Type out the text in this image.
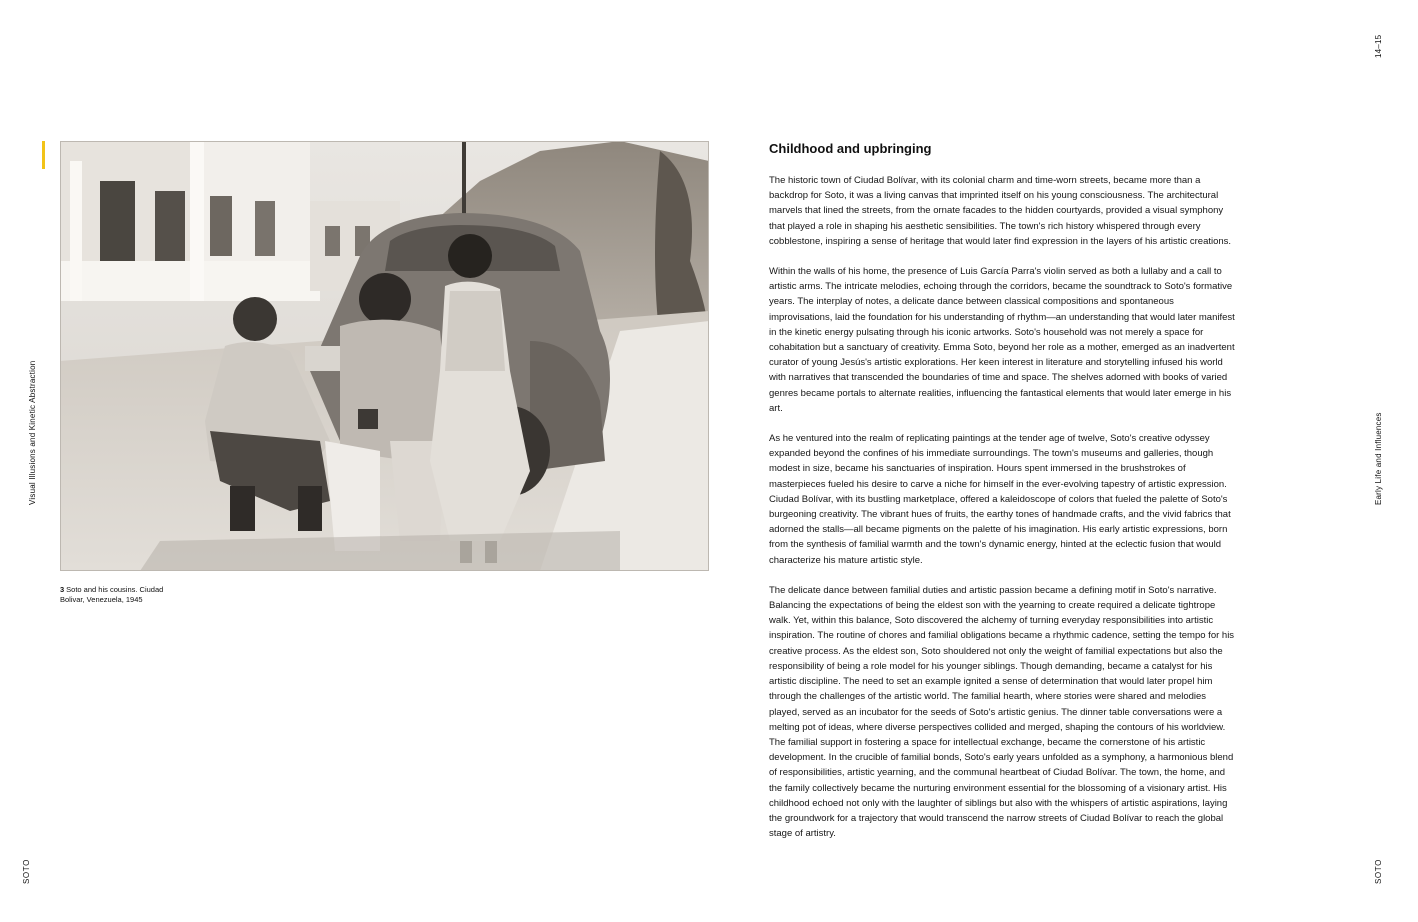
Visual Illusions and Kinetic Abstraction
SOTO
3 Soto and his cousins. Ciudad Bolivar, Venezuela, 1945
14–15
Early Life and Influences
SOTO
Childhood and upbringing

The historic town of Ciudad Bolívar, with its colonial charm and time-worn streets, became more than a backdrop for Soto, it was a living canvas that imprinted itself on his young consciousness. The architectural marvels that lined the streets, from the ornate facades to the hidden courtyards, provided a visual symphony that played a role in shaping his aesthetic sensibilities. The town's rich history whispered through every cobblestone, inspiring a sense of heritage that would later find expression in the layers of his artistic creations.

Within the walls of his home, the presence of Luis García Parra's violin served as both a lullaby and a call to artistic arms. The intricate melodies, echoing through the corridors, became the soundtrack to Soto's formative years. The interplay of notes, a delicate dance between classical compositions and spontaneous improvisations, laid the foundation for his understanding of rhythm—an understanding that would later manifest in the kinetic energy pulsating through his iconic artworks. Soto's household was not merely a space for cohabitation but a sanctuary of creativity. Emma Soto, beyond her role as a mother, emerged as an inadvertent curator of young Jesús's artistic explorations. Her keen interest in literature and storytelling infused his world with narratives that transcended the boundaries of time and space. The shelves adorned with books of varied genres became portals to alternate realities, influencing the fantastical elements that would later emerge in his art.

As he ventured into the realm of replicating paintings at the tender age of twelve, Soto's creative odyssey expanded beyond the confines of his immediate surroundings. The town's museums and galleries, though modest in size, became his sanctuaries of inspiration. Hours spent immersed in the brushstrokes of masterpieces fueled his desire to carve a niche for himself in the ever-evolving tapestry of artistic expression. Ciudad Bolívar, with its bustling marketplace, offered a kaleidoscope of colors that fueled the palette of Soto's burgeoning creativity. The vibrant hues of fruits, the earthy tones of handmade crafts, and the vivid fabrics that adorned the stalls—all became pigments on the palette of his imagination. His early artistic expressions, born from the synthesis of familial warmth and the town's dynamic energy, hinted at the eclectic fusion that would characterize his mature artistic style.

The delicate dance between familial duties and artistic passion became a defining motif in Soto's narrative. Balancing the expectations of being the eldest son with the yearning to create required a delicate tightrope walk. Yet, within this balance, Soto discovered the alchemy of turning everyday responsibilities into artistic inspiration. The routine of chores and familial obligations became a rhythmic cadence, setting the tempo for his creative process. As the eldest son, Soto shouldered not only the weight of familial expectations but also the responsibility of being a role model for his younger siblings. Though demanding, became a catalyst for his artistic discipline. The need to set an example ignited a sense of determination that would later propel him through the challenges of the artistic world. The familial hearth, where stories were shared and melodies played, served as an incubator for the seeds of Soto's artistic genius. The dinner table conversations were a melting pot of ideas, where diverse perspectives collided and merged, shaping the contours of his worldview. The familial support in fostering a space for intellectual exchange, became the cornerstone of his artistic development. In the crucible of familial bonds, Soto's early years unfolded as a symphony, a harmonious blend of responsibilities, artistic yearning, and the communal heartbeat of Ciudad Bolívar. The town, the home, and the family collectively became the nurturing environment essential for the blossoming of a visionary artist. His childhood echoed not only with the laughter of siblings but also with the whispers of artistic aspirations, laying the groundwork for a trajectory that would transcend the narrow streets of Ciudad Bolívar to reach the global stage of artistry.
